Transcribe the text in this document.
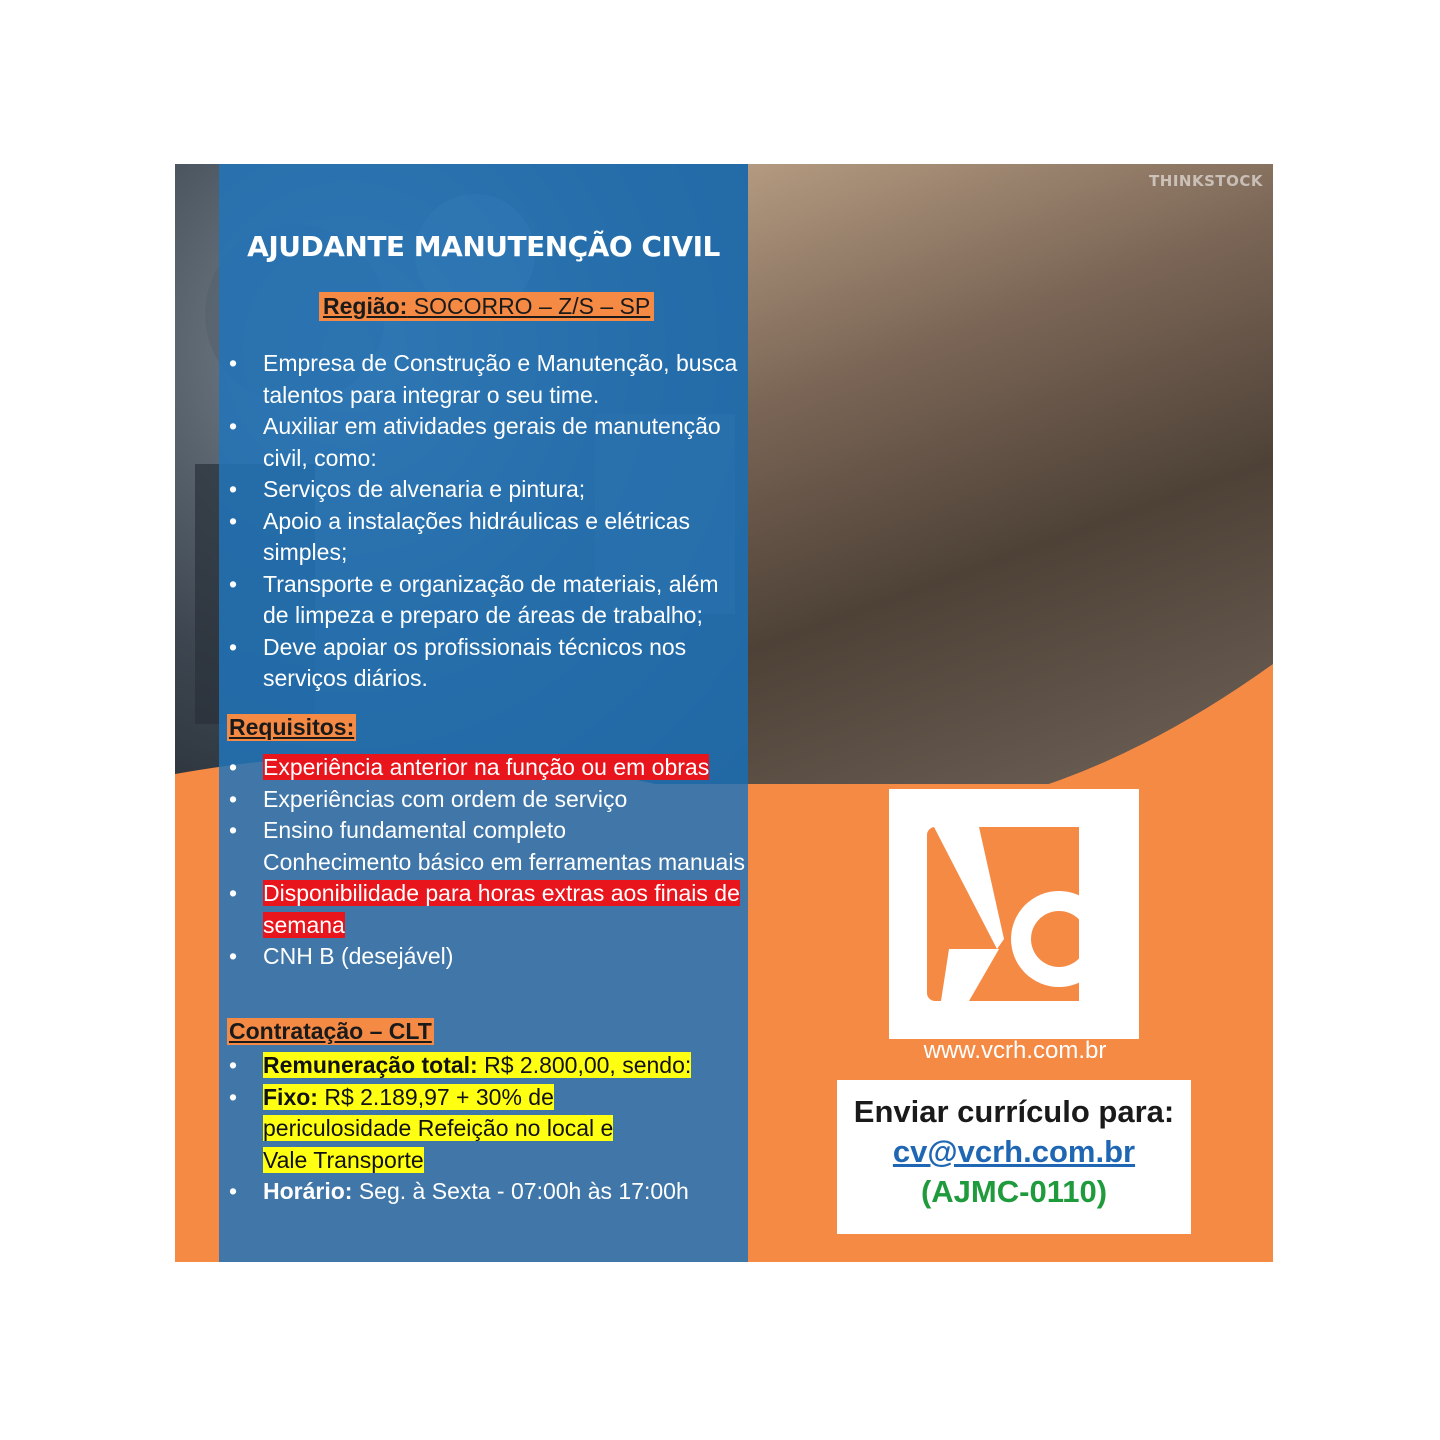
THINKSTOCK
AJUDANTE MANUTENÇÃO CIVIL
Região: SOCORRO – Z/S – SP
• Empresa de Construção e Manutenção, busca talentos para integrar o seu time.
• Auxiliar em atividades gerais de manutenção civil, como:
• Serviços de alvenaria e pintura;
• Apoio a instalações hidráulicas e elétricas simples;
• Transporte e organização de materiais, além de limpeza e preparo de áreas de trabalho;
• Deve apoiar os profissionais técnicos nos serviços diários.
Requisitos:
• Experiência anterior na função ou em obras
• Experiências com ordem de serviço
• Ensino fundamental completo
Conhecimento básico em ferramentas manuais
• Disponibilidade para horas extras aos finais de semana
• CNH B (desejável)
Contratação – CLT
• Remuneração total: R$ 2.800,00, sendo:
• Fixo: R$ 2.189,97 + 30% de periculosidade Refeição no local e Vale Transporte
• Horário: Seg. à Sexta - 07:00h às 17:00h
www.vcrh.com.br
Enviar currículo para:
cv@vcrh.com.br
(AJMC-0110)
